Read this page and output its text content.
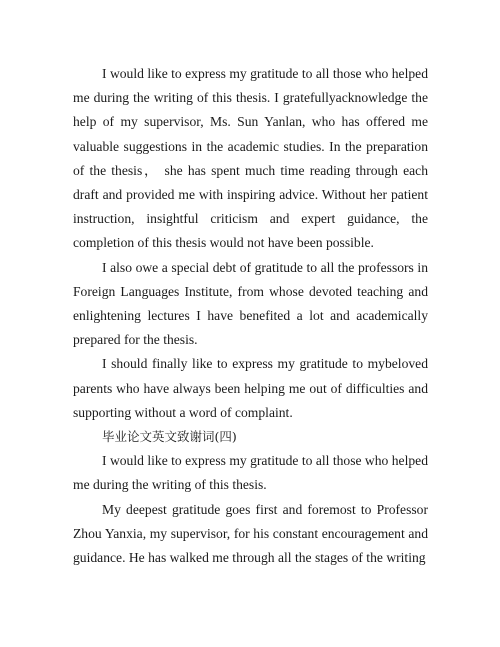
I would like to express my gratitude to all those who helped me during the writing of this thesis. I gratefullyacknowledge the help of my supervisor, Ms. Sun Yanlan, who has offered me valuable suggestions in the academic studies. In the preparation of the thesis， she has spent much time reading through each draft and provided me with inspiring advice. Without her patient instruction, insightful criticism and expert guidance, the completion of this thesis would not have been possible.

I also owe a special debt of gratitude to all the professors in Foreign Languages Institute, from whose devoted teaching and enlightening lectures I have benefited a lot and academically prepared for the thesis.

I should finally like to express my gratitude to mybeloved parents who have always been helping me out of difficulties and supporting without a word of complaint.

毕业论文英文致谢词(四)

I would like to express my gratitude to all those who helped me during the writing of this thesis.

My deepest gratitude goes first and foremost to Professor Zhou Yanxia, my supervisor, for his constant encouragement and guidance. He has walked me through all the stages of the writing
